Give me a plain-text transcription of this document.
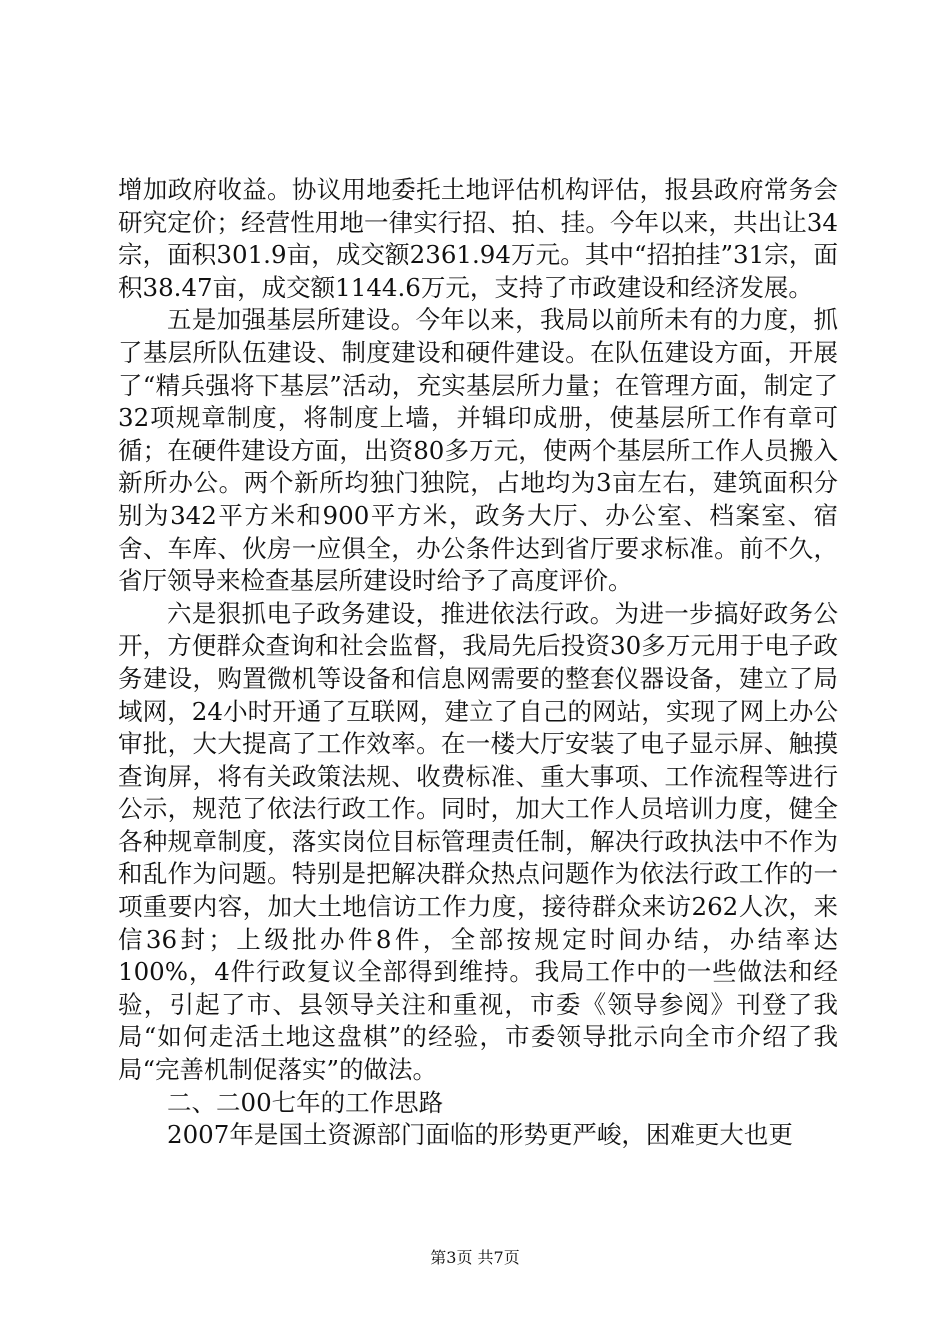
增加政府收益。协议用地委托土地评估机构评估，报县政府常务会研究定价；经营性用地一律实行招、拍、挂。今年以来，共出让34宗，面积301.9亩，成交额2361.94万元。其中“招拍挂”31宗，面积38.47亩，成交额1144.6万元，支持了市政建设和经济发展。

五是加强基层所建设。今年以来，我局以前所未有的力度，抓了基层所队伍建设、制度建设和硬件建设。在队伍建设方面，开展了“精兵强将下基层”活动，充实基层所力量；在管理方面，制定了32项规章制度，将制度上墙，并辑印成册，使基层所工作有章可循；在硬件建设方面，出资80多万元，使两个基层所工作人员搬入新所办公。两个新所均独门独院，占地均为3亩左右，建筑面积分别为342平方米和900平方米，政务大厅、办公室、档案室、宿舍、车库、伙房一应俱全，办公条件达到省厅要求标准。前不久，省厅领导来检查基层所建设时给予了高度评价。

六是狠抓电子政务建设，推进依法行政。为进一步搞好政务公开，方便群众查询和社会监督，我局先后投资30多万元用于电子政务建设，购置微机等设备和信息网需要的整套仪器设备，建立了局域网，24小时开通了互联网，建立了自己的网站，实现了网上办公审批，大大提高了工作效率。在一楼大厅安装了电子显示屏、触摸查询屏，将有关政策法规、收费标准、重大事项、工作流程等进行公示，规范了依法行政工作。同时，加大工作人员培训力度，健全各种规章制度，落实岗位目标管理责任制，解决行政执法中不作为和乱作为问题。特别是把解决群众热点问题作为依法行政工作的一项重要内容，加大土地信访工作力度，接待群众来访262人次，来信36封；上级批办件8件，全部按规定时间办结，办结率达100%，4件行政复议全部得到维持。我局工作中的一些做法和经验，引起了市、县领导关注和重视，市委《领导参阅》刊登了我局“如何走活土地这盘棋”的经验，市委领导批示向全市介绍了我局“完善机制促落实”的做法。

二、二00七年的工作思路

2007年是国土资源部门面临的形势更严峻，困难更大也更

第3页 共7页
